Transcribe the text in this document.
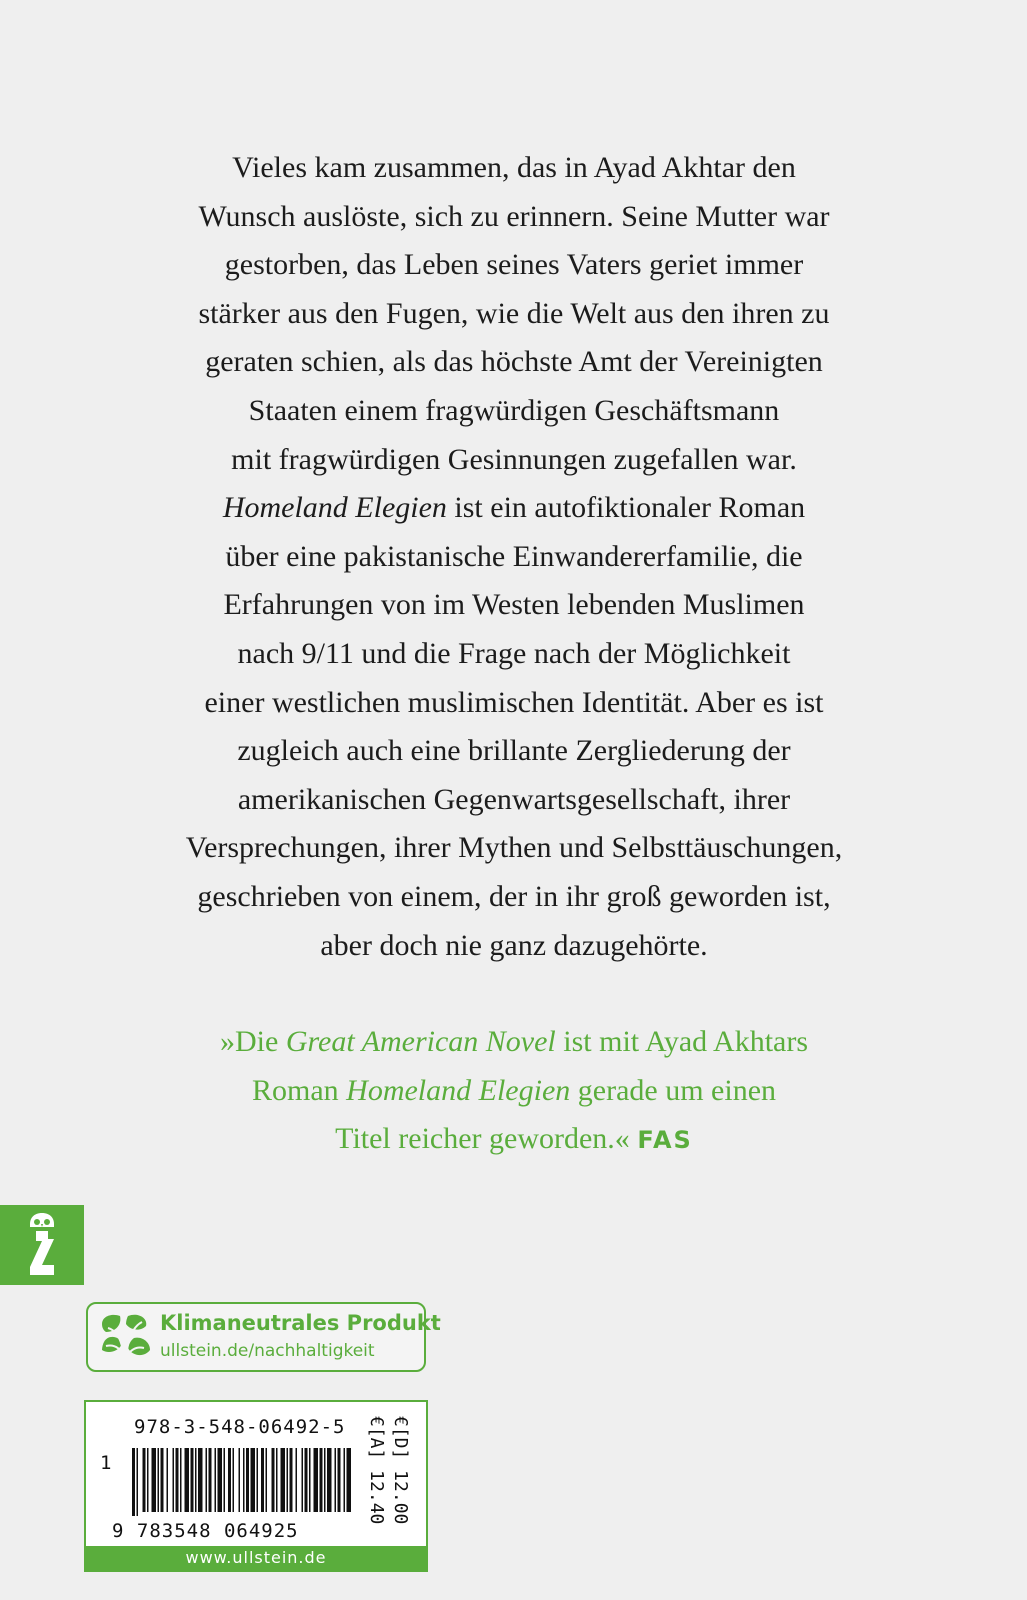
Vieles kam zusammen, das in Ayad Akhtar den
Wunsch auslöste, sich zu erinnern. Seine Mutter war
gestorben, das Leben seines Vaters geriet immer
stärker aus den Fugen, wie die Welt aus den ihren zu
geraten schien, als das höchste Amt der Vereinigten
Staaten einem fragwürdigen Geschäftsmann
mit fragwürdigen Gesinnungen zugefallen war.
Homeland Elegien ist ein autofiktionaler Roman
über eine pakistanische Einwandererfamilie, die
Erfahrungen von im Westen lebenden Muslimen
nach 9/11 und die Frage nach der Möglichkeit
einer westlichen muslimischen Identität. Aber es ist
zugleich auch eine brillante Zergliederung der
amerikanischen Gegenwartsgesellschaft, ihrer
Versprechungen, ihrer Mythen und Selbsttäuschungen,
geschrieben von einem, der in ihr groß geworden ist,
aber doch nie ganz dazugehörte.
»Die Great American Novel ist mit Ayad Akhtars
Roman Homeland Elegien gerade um einen
Titel reicher geworden.« FAS
Klimaneutrales Produkt
ullstein.de/nachhaltigkeit
978-3-548-06492-5
1
9 783548 064925
€[A] 12.40 €[D] 12.00
www.ullstein.de
